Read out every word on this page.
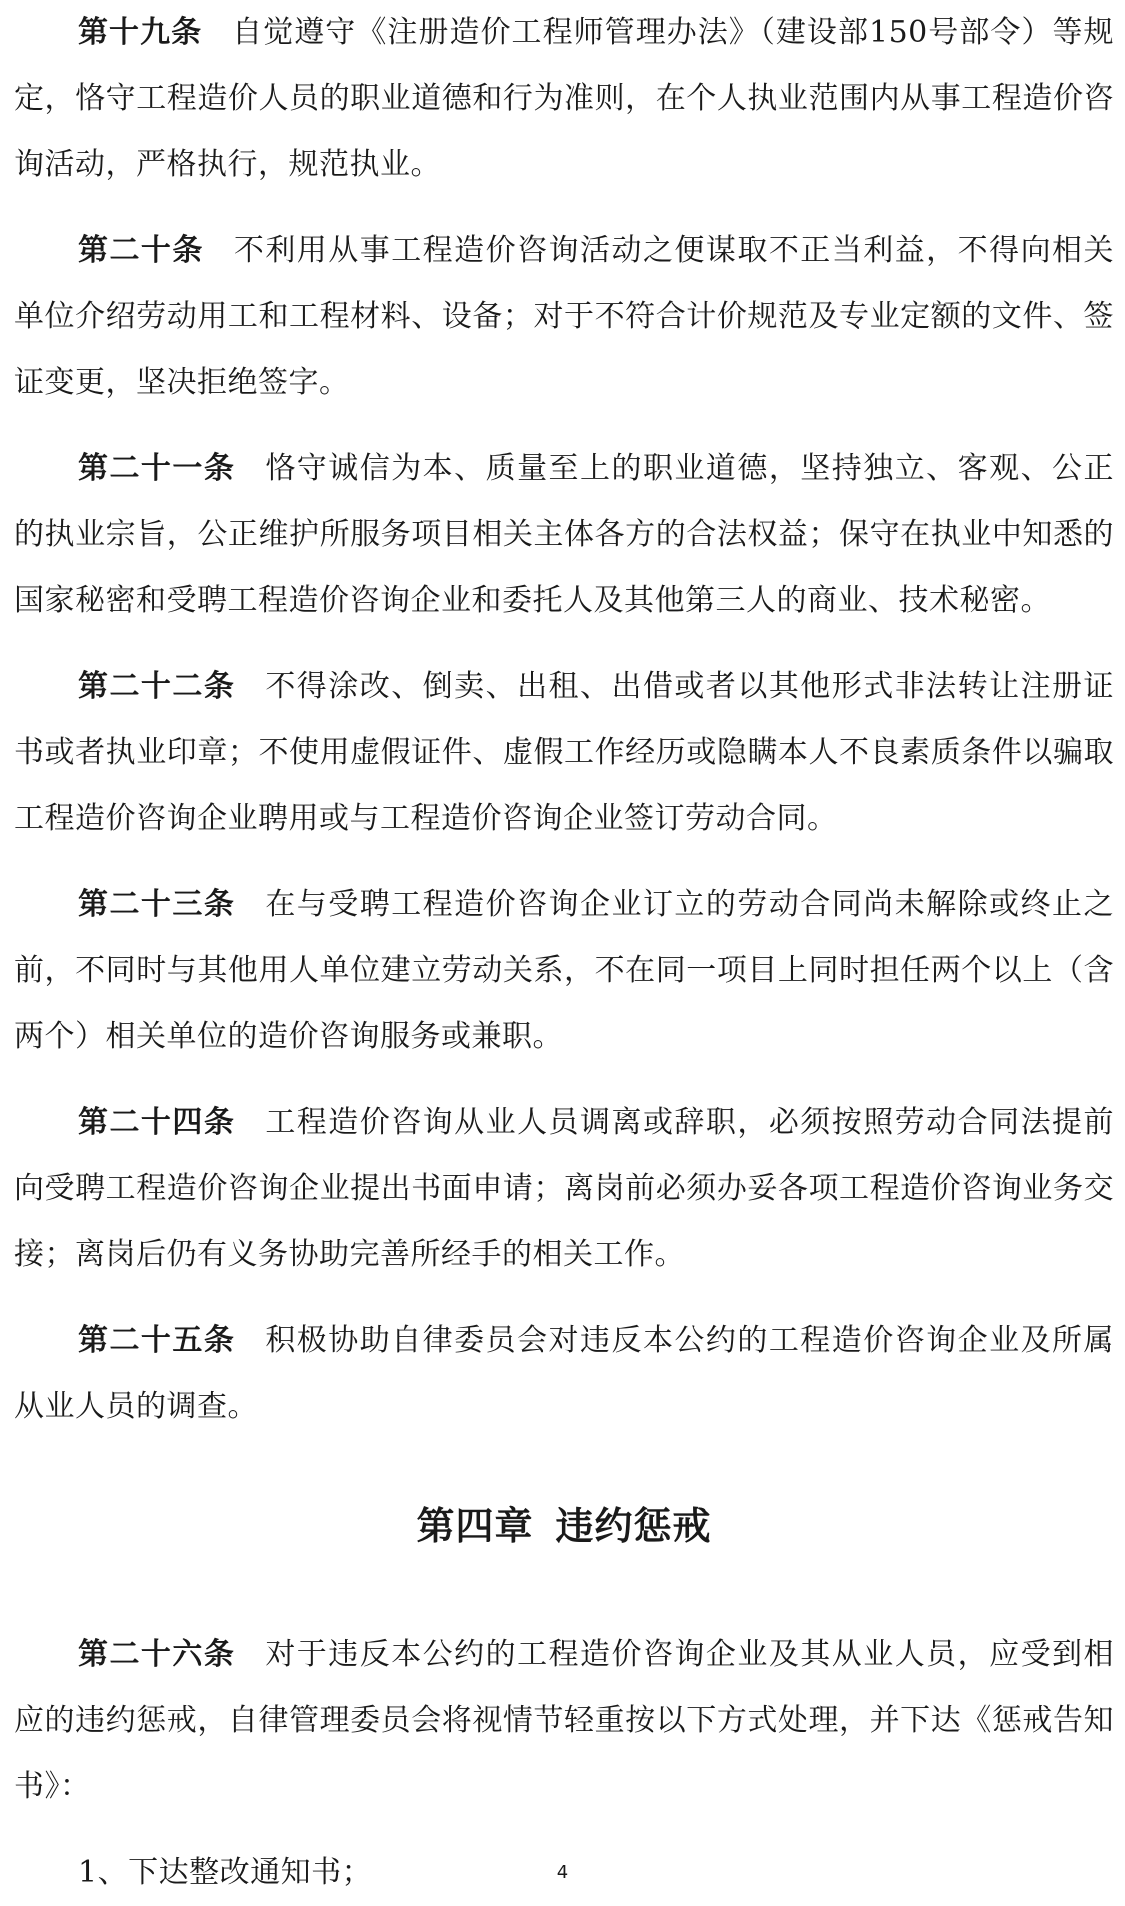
第十九条 自觉遵守《注册造价工程师管理办法》（建设部150号部令）等规定，恪守工程造价人员的职业道德和行为准则，在个人执业范围内从事工程造价咨询活动，严格执行，规范执业。

第二十条 不利用从事工程造价咨询活动之便谋取不正当利益，不得向相关单位介绍劳动用工和工程材料、设备；对于不符合计价规范及专业定额的文件、签证变更，坚决拒绝签字。

第二十一条 恪守诚信为本、质量至上的职业道德，坚持独立、客观、公正的执业宗旨，公正维护所服务项目相关主体各方的合法权益；保守在执业中知悉的国家秘密和受聘工程造价咨询企业和委托人及其他第三人的商业、技术秘密。

第二十二条 不得涂改、倒卖、出租、出借或者以其他形式非法转让注册证书或者执业印章；不使用虚假证件、虚假工作经历或隐瞒本人不良素质条件以骗取工程造价咨询企业聘用或与工程造价咨询企业签订劳动合同。

第二十三条 在与受聘工程造价咨询企业订立的劳动合同尚未解除或终止之前，不同时与其他用人单位建立劳动关系，不在同一项目上同时担任两个以上（含两个）相关单位的造价咨询服务或兼职。

第二十四条 工程造价咨询从业人员调离或辞职，必须按照劳动合同法提前向受聘工程造价咨询企业提出书面申请；离岗前必须办妥各项工程造价咨询业务交接；离岗后仍有义务协助完善所经手的相关工作。

第二十五条 积极协助自律委员会对违反本公约的工程造价咨询企业及所属从业人员的调查。

第四章 违约惩戒

第二十六条 对于违反本公约的工程造价咨询企业及其从业人员，应受到相应的违约惩戒，自律管理委员会将视情节轻重按以下方式处理，并下达《惩戒告知书》：

1、下达整改通知书；	4
